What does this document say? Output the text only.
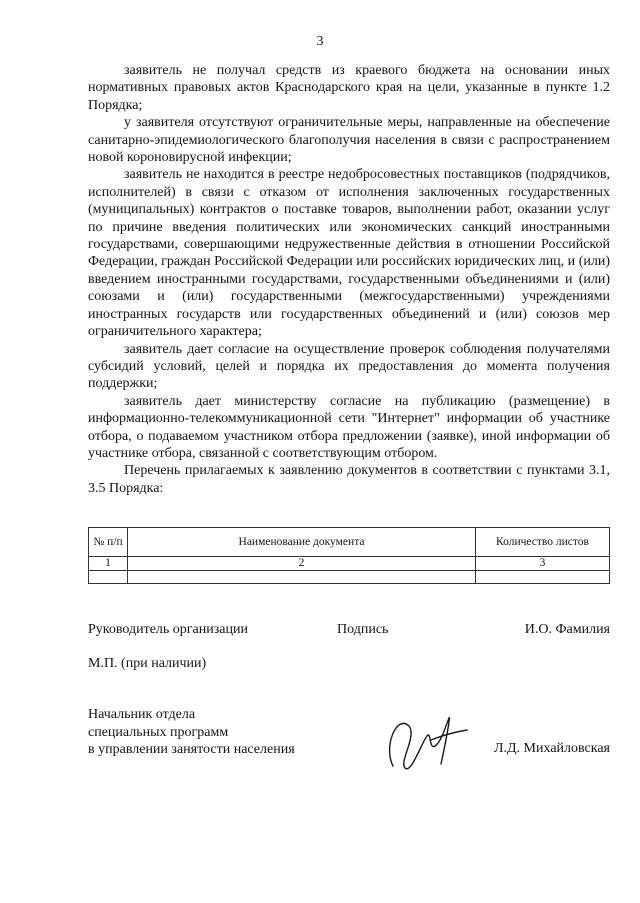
3

заявитель не получал средств из краевого бюджета на основании иных нормативных правовых актов Краснодарского края на цели, указанные в пункте 1.2 Порядка;

у заявителя отсутствуют ограничительные меры, направленные на обеспечение санитарно-эпидемиологического благополучия населения в связи с распространением новой короновирусной инфекции;

заявитель не находится в реестре недобросовестных поставщиков (подрядчиков, исполнителей) в связи с отказом от исполнения заключенных государственных (муниципальных) контрактов о поставке товаров, выполнении работ, оказании услуг по причине введения политических или экономических санкций иностранными государствами, совершающими недружественные действия в отношении Российской Федерации, граждан Российской Федерации или российских юридических лиц, и (или) введением иностранными государствами, государственными объединениями и (или) союзами и (или) государственными (межгосударственными) учреждениями иностранных государств или государственных объединений и (или) союзов мер ограничительного характера;

заявитель дает согласие на осуществление проверок соблюдения получателями субсидий условий, целей и порядка их предоставления до момента получения поддержки;

заявитель дает министерству согласие на публикацию (размещение) в информационно-телекоммуникационной сети "Интернет" информации об участнике отбора, о подаваемом участником отбора предложении (заявке), иной информации об участнике отбора, связанной с соответствующим отбором.

Перечень прилагаемых к заявлению документов в соответствии с пунктами 3.1, 3.5 Порядка:

№ п/п	Наименование документа	Количество листов
1	2	3

Руководитель организации	Подпись	И.О. Фамилия
М.П. (при наличии)
Начальник отдела
специальных программ
в управлении занятости населения	Л.Д. Михайловская
